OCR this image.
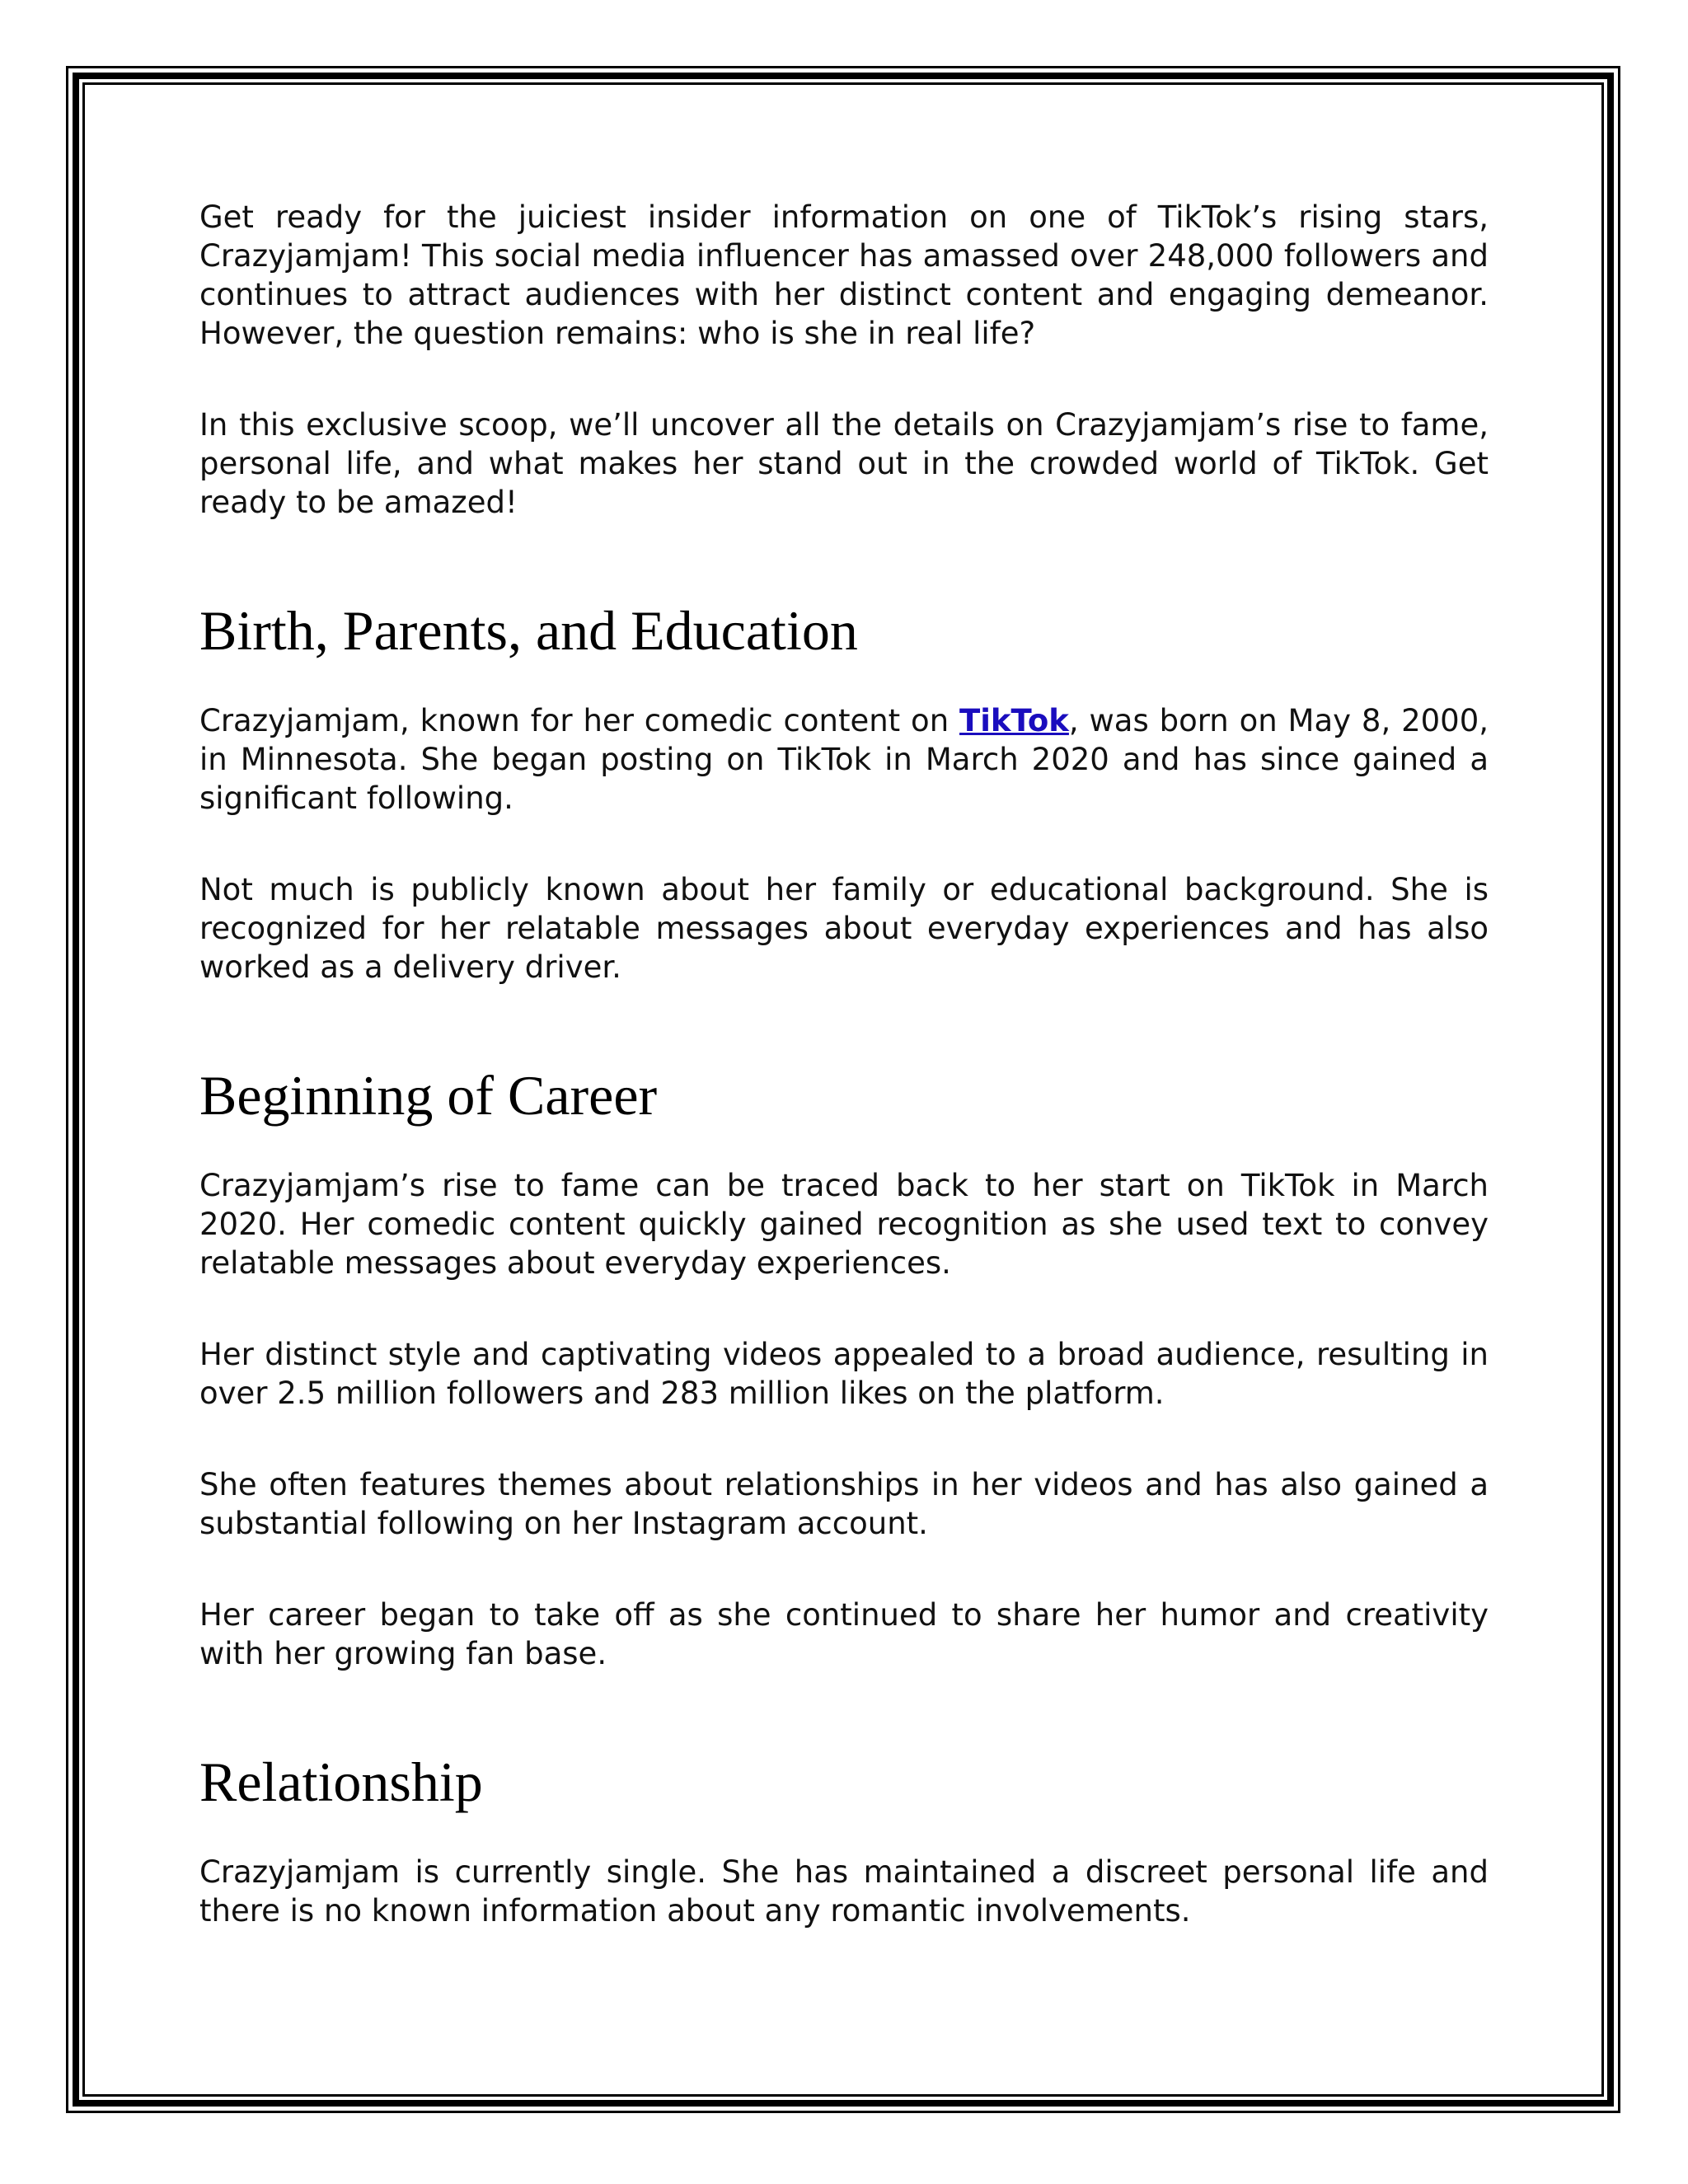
Get ready for the juiciest insider information on one of TikTok’s rising stars, Crazyjamjam! This social media influencer has amassed over 248,000 followers and continues to attract audiences with her distinct content and engaging demeanor. However, the question remains: who is she in real life?

In this exclusive scoop, we’ll uncover all the details on Crazyjamjam’s rise to fame, personal life, and what makes her stand out in the crowded world of TikTok. Get ready to be amazed!

Birth, Parents, and Education

Crazyjamjam, known for her comedic content on TikTok, was born on May 8, 2000, in Minnesota. She began posting on TikTok in March 2020 and has since gained a significant following.

Not much is publicly known about her family or educational background. She is recognized for her relatable messages about everyday experiences and has also worked as a delivery driver.

Beginning of Career

Crazyjamjam’s rise to fame can be traced back to her start on TikTok in March 2020. Her comedic content quickly gained recognition as she used text to convey relatable messages about everyday experiences.

Her distinct style and captivating videos appealed to a broad audience, resulting in over 2.5 million followers and 283 million likes on the platform.

She often features themes about relationships in her videos and has also gained a substantial following on her Instagram account.

Her career began to take off as she continued to share her humor and creativity with her growing fan base.

Relationship

Crazyjamjam is currently single. She has maintained a discreet personal life and there is no known information about any romantic involvements.
